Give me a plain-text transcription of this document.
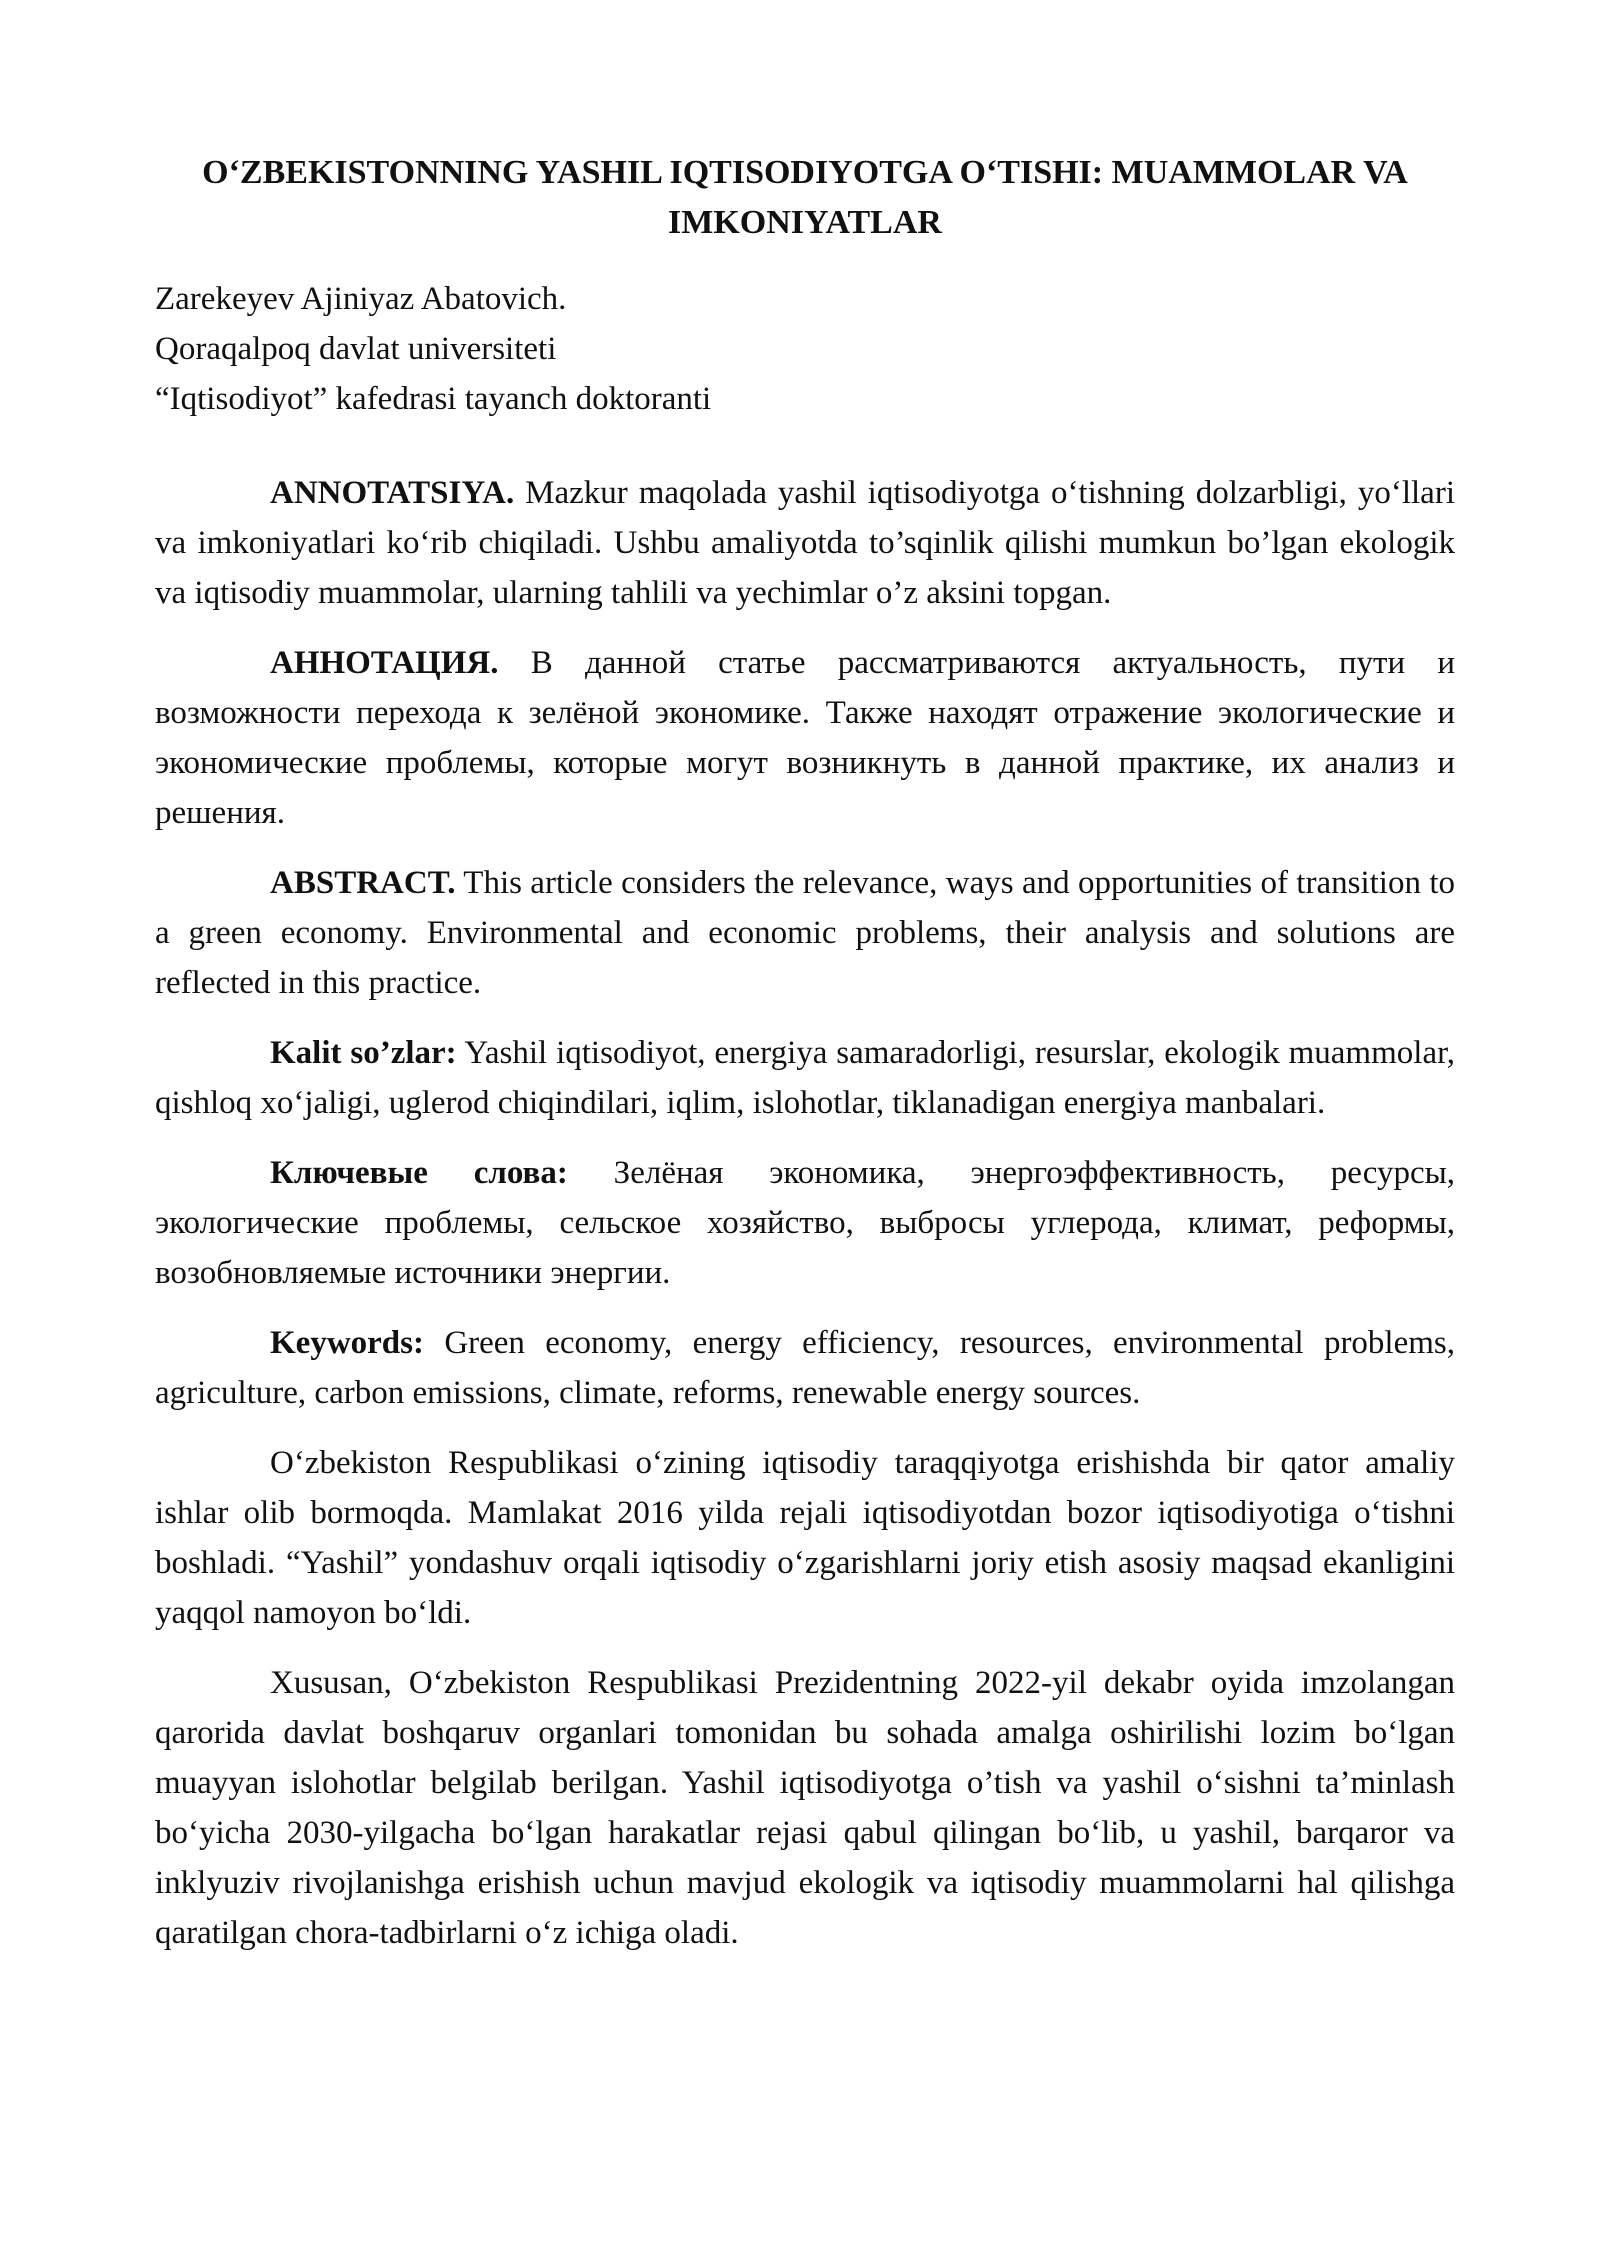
O‘ZBEKISTONNING YASHIL IQTISODIYOTGA O‘TISHI: MUAMMOLAR VA IMKONIYATLAR
Zarekeyev Ajiniyaz Abatovich.
Qoraqalpoq davlat universiteti
“Iqtisodiyot” kafedrasi tayanch doktoranti

ANNOTATSIYA. Mazkur maqolada yashil iqtisodiyotga o‘tishning dolzarbligi, yo‘llari va imkoniyatlari ko‘rib chiqiladi. Ushbu amaliyotda to’sqinlik qilishi mumkun bo’lgan ekologik va iqtisodiy muammolar, ularning tahlili va yechimlar o’z aksini topgan.

АННОТАЦИЯ. В данной статье рассматриваются актуальность, пути и возможности перехода к зелёной экономике. Также находят отражение экологические и экономические проблемы, которые могут возникнуть в данной практике, их анализ и решения.

ABSTRACT. This article considers the relevance, ways and opportunities of transition to a green economy. Environmental and economic problems, their analysis and solutions are reflected in this practice.

Kalit so’zlar: Yashil iqtisodiyot, energiya samaradorligi, resurslar, ekologik muammolar, qishloq xo‘jaligi, uglerod chiqindilari, iqlim, islohotlar, tiklanadigan energiya manbalari.

Ключевые слова: Зелёная экономика, энергоэффективность, ресурсы, экологические проблемы, сельское хозяйство, выбросы углерода, климат, реформы, возобновляемые источники энергии.

Keywords: Green economy, energy efficiency, resources, environmental problems, agriculture, carbon emissions, climate, reforms, renewable energy sources.

O‘zbekiston Respublikasi o‘zining iqtisodiy taraqqiyotga erishishda bir qator amaliy ishlar olib bormoqda. Mamlakat 2016 yilda rejali iqtisodiyotdan bozor iqtisodiyotiga o‘tishni boshladi. “Yashil” yondashuv orqali iqtisodiy o‘zgarishlarni joriy etish asosiy maqsad ekanligini yaqqol namoyon bo‘ldi.

Xususan, O‘zbekiston Respublikasi Prezidentning 2022-yil dekabr oyida imzolangan qarorida davlat boshqaruv organlari tomonidan bu sohada amalga oshirilishi lozim bo‘lgan muayyan islohotlar belgilab berilgan. Yashil iqtisodiyotga o’tish va yashil o‘sishni ta’minlash bo‘yicha 2030-yilgacha bo‘lgan harakatlar rejasi qabul qilingan bo‘lib, u yashil, barqaror va inklyuziv rivojlanishga erishish uchun mavjud ekologik va iqtisodiy muammolarni hal qilishga qaratilgan chora-tadbirlarni o‘z ichiga oladi.
